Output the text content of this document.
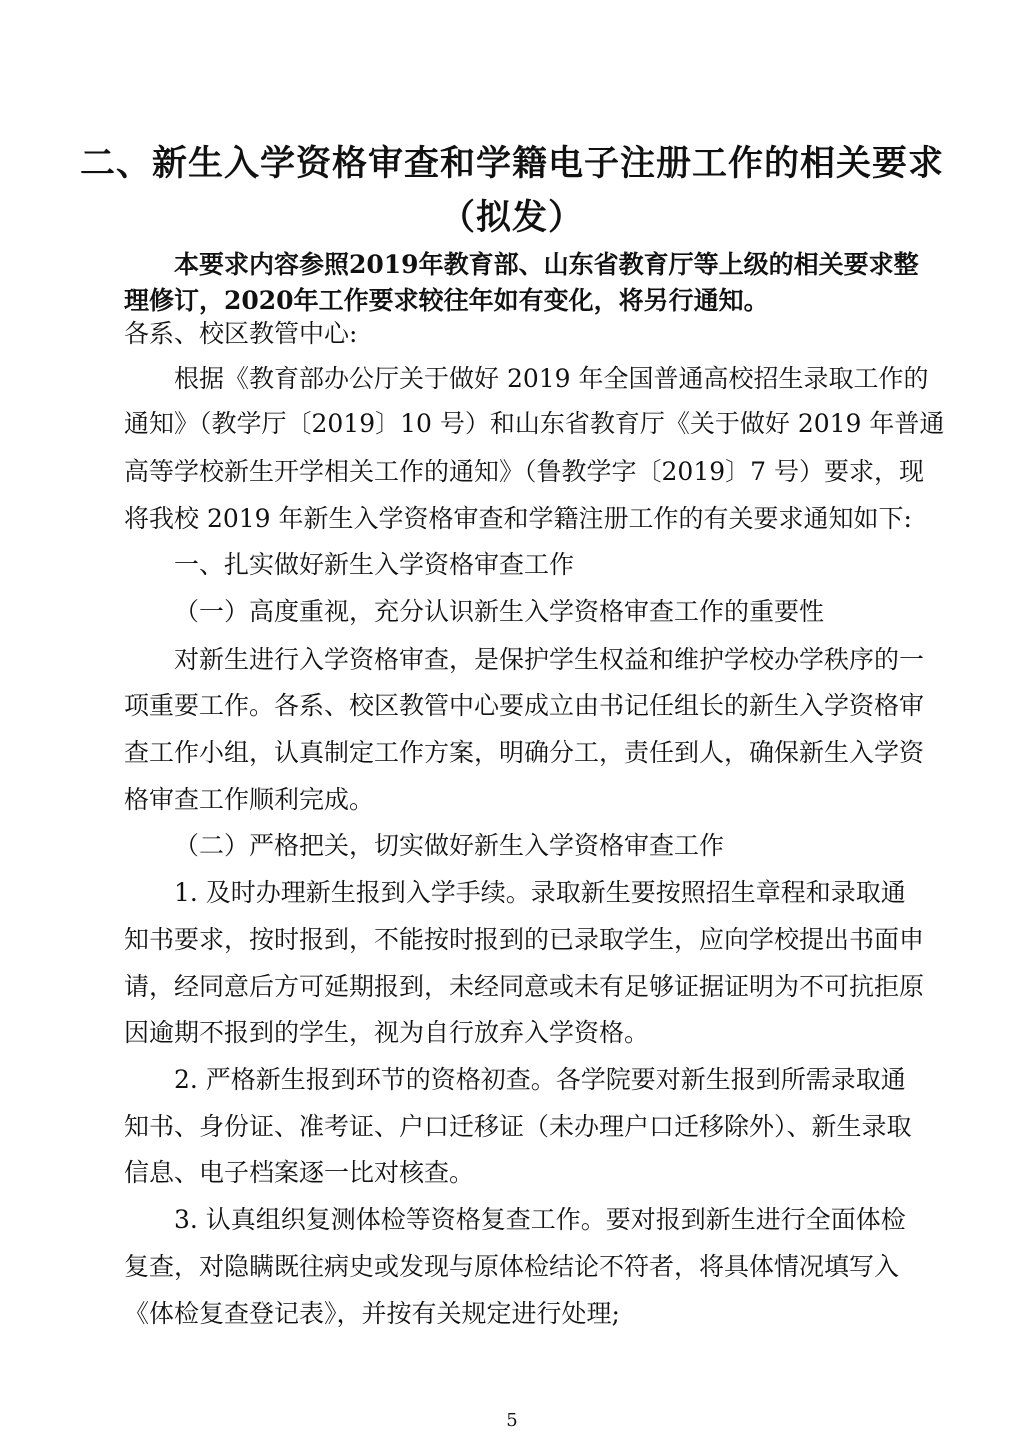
二、新生入学资格审查和学籍电子注册工作的相关要求
（拟发）
本要求内容参照2019年教育部、山东省教育厅等上级的相关要求整
理修订，2020年工作要求较往年如有变化，将另行通知。
各系、校区教管中心:
根据《教育部办公厅关于做好 2019 年全国普通高校招生录取工作的
通知》（教学厅〔2019〕10 号）和山东省教育厅《关于做好 2019 年普通
高等学校新生开学相关工作的通知》（鲁教学字〔2019〕7 号）要求，现
将我校 2019 年新生入学资格审查和学籍注册工作的有关要求通知如下:
一、扎实做好新生入学资格审查工作
（一）高度重视，充分认识新生入学资格审查工作的重要性
对新生进行入学资格审查，是保护学生权益和维护学校办学秩序的一
项重要工作。各系、校区教管中心要成立由书记任组长的新生入学资格审
查工作小组，认真制定工作方案，明确分工，责任到人，确保新生入学资
格审查工作顺利完成。
（二）严格把关，切实做好新生入学资格审查工作
1. 及时办理新生报到入学手续。录取新生要按照招生章程和录取通
知书要求，按时报到，不能按时报到的已录取学生，应向学校提出书面申
请，经同意后方可延期报到，未经同意或未有足够证据证明为不可抗拒原
因逾期不报到的学生，视为自行放弃入学资格。
2. 严格新生报到环节的资格初查。各学院要对新生报到所需录取通
知书、身份证、准考证、户口迁移证（未办理户口迁移除外）、新生录取
信息、电子档案逐一比对核查。
3. 认真组织复测体检等资格复查工作。要对报到新生进行全面体检
复查，对隐瞒既往病史或发现与原体检结论不符者，将具体情况填写入
《体检复查登记表》，并按有关规定进行处理;
5
